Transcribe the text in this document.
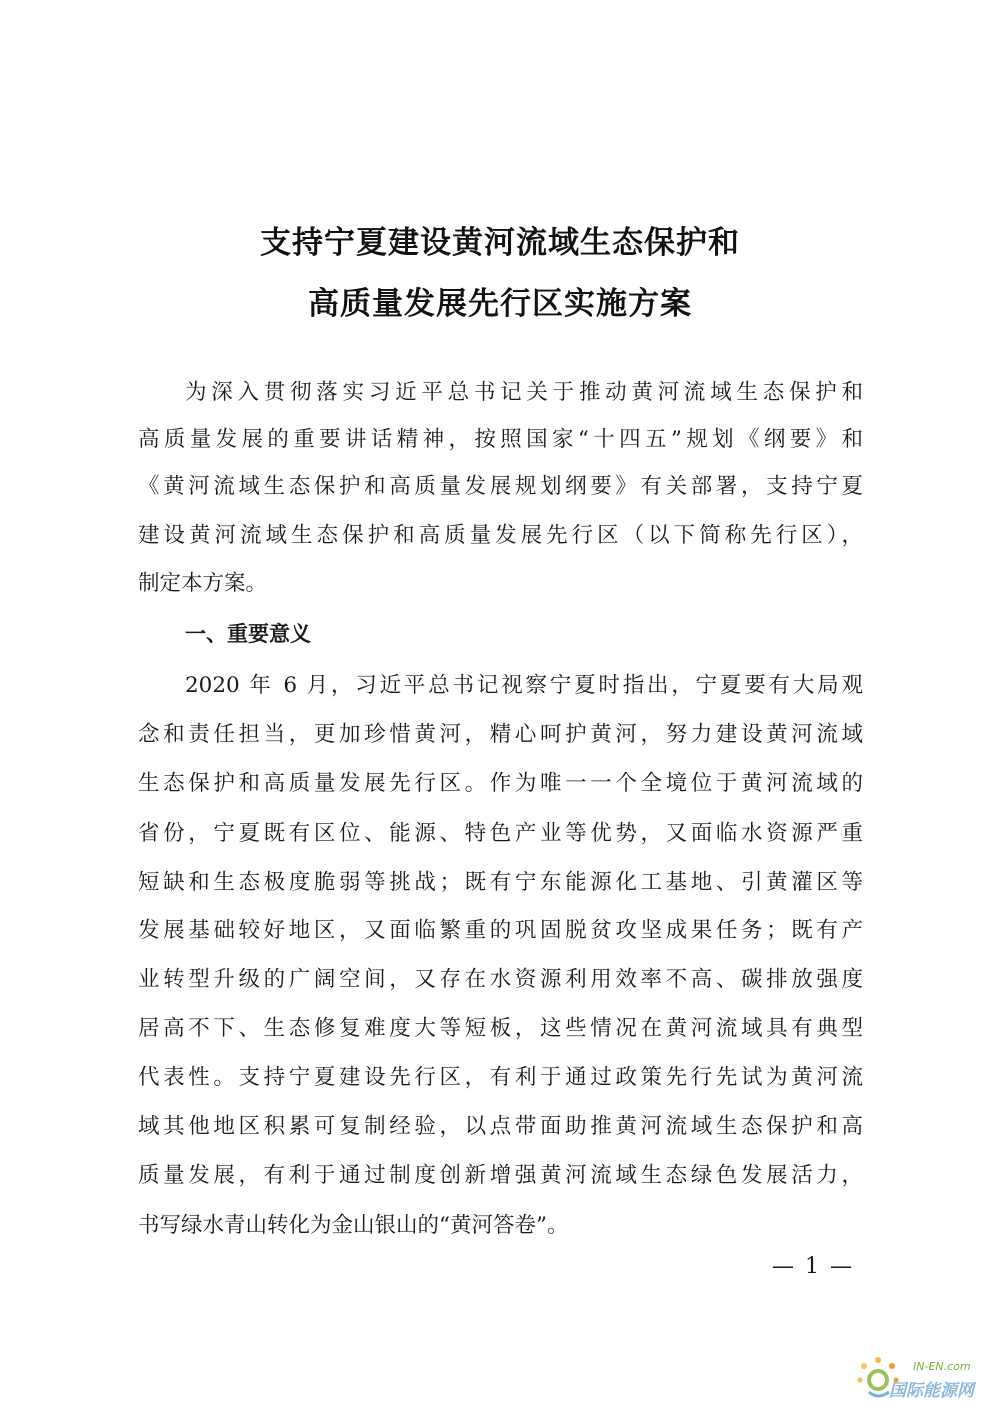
支持宁夏建设黄河流域生态保护和
高质量发展先行区实施方案
为深入贯彻落实习近平总书记关于推动黄河流域生态保护和
高质量发展的重要讲话精神，按照国家“十四五”规划《纲要》和
《黄河流域生态保护和高质量发展规划纲要》有关部署，支持宁夏
建设黄河流域生态保护和高质量发展先行区（以下简称先行区），
制定本方案。
一、重要意义
2020 年 6 月，习近平总书记视察宁夏时指出，宁夏要有大局观
念和责任担当，更加珍惜黄河，精心呵护黄河，努力建设黄河流域
生态保护和高质量发展先行区。作为唯一一个全境位于黄河流域的
省份，宁夏既有区位、能源、特色产业等优势，又面临水资源严重
短缺和生态极度脆弱等挑战；既有宁东能源化工基地、引黄灌区等
发展基础较好地区，又面临繁重的巩固脱贫攻坚成果任务；既有产
业转型升级的广阔空间，又存在水资源利用效率不高、碳排放强度
居高不下、生态修复难度大等短板，这些情况在黄河流域具有典型
代表性。支持宁夏建设先行区，有利于通过政策先行先试为黄河流
域其他地区积累可复制经验，以点带面助推黄河流域生态保护和高
质量发展，有利于通过制度创新增强黄河流域生态绿色发展活力，
书写绿水青山转化为金山银山的“黄河答卷”。
— 1 —
IN-EN.com
国际能源网
